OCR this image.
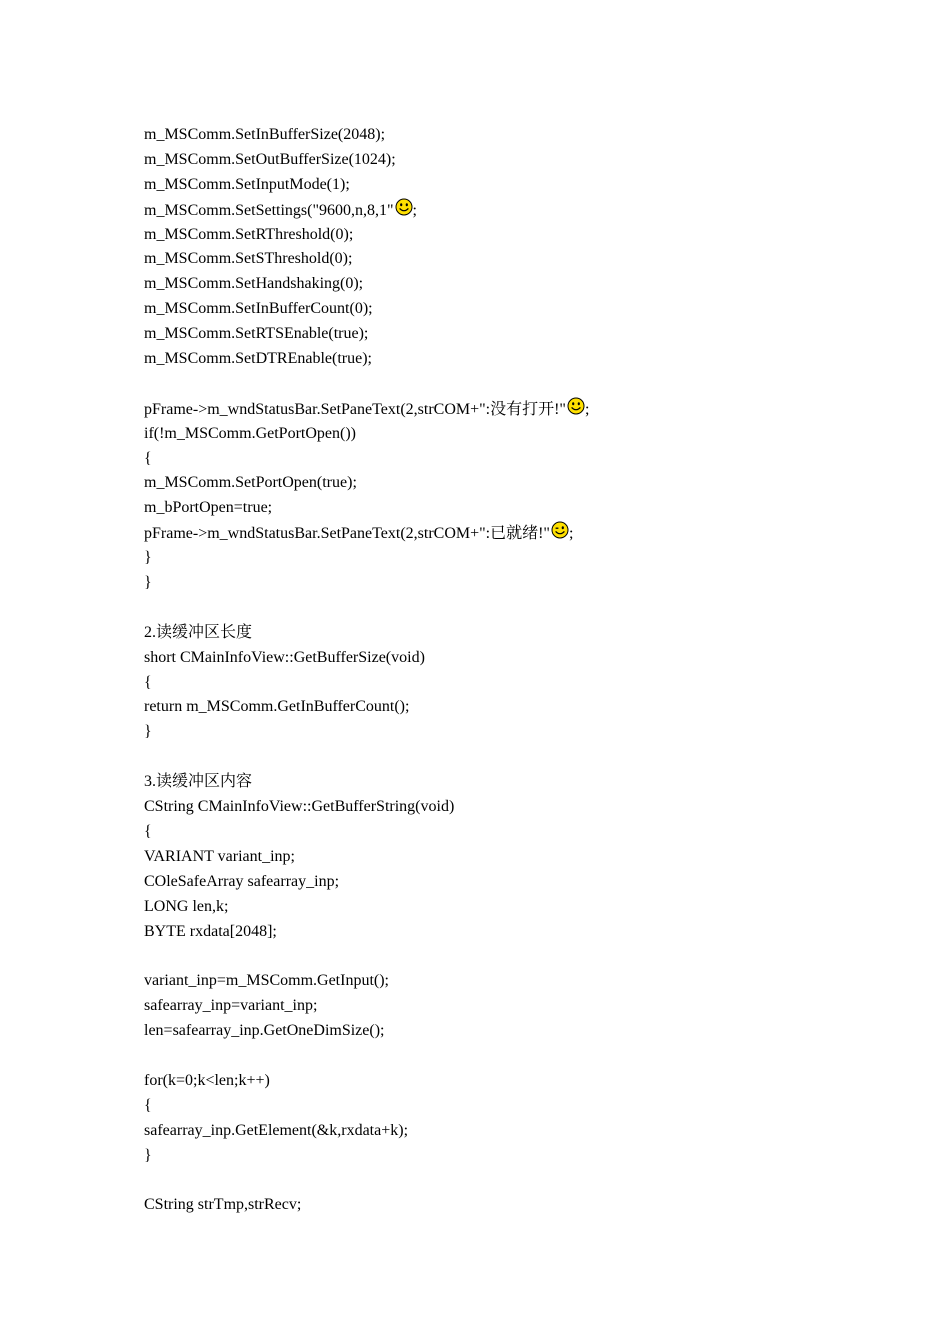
m_MSComm.SetInBufferSize(2048);
m_MSComm.SetOutBufferSize(1024);
m_MSComm.SetInputMode(1);
m_MSComm.SetSettings("9600,n,8,1" ;
m_MSComm.SetRThreshold(0);
m_MSComm.SetSThreshold(0);
m_MSComm.SetHandshaking(0);
m_MSComm.SetInBufferCount(0);
m_MSComm.SetRTSEnable(true);
m_MSComm.SetDTREnable(true);
pFrame->m_wndStatusBar.SetPaneText(2,strCOM+":没有打开!" ;
if(!m_MSComm.GetPortOpen())
{
m_MSComm.SetPortOpen(true);
m_bPortOpen=true;
pFrame->m_wndStatusBar.SetPaneText(2,strCOM+":已就绪!" ;
}
}
2.读缓冲区长度
short CMainInfoView::GetBufferSize(void)
{
return m_MSComm.GetInBufferCount();
}
3.读缓冲区内容
CString CMainInfoView::GetBufferString(void)
{
VARIANT variant_inp;
COleSafeArray safearray_inp;
LONG len,k;
BYTE rxdata[2048];
variant_inp=m_MSComm.GetInput();
safearray_inp=variant_inp;
len=safearray_inp.GetOneDimSize();
for(k=0;k<len;k++)
{
safearray_inp.GetElement(&k,rxdata+k);
}
CString strTmp,strRecv;
